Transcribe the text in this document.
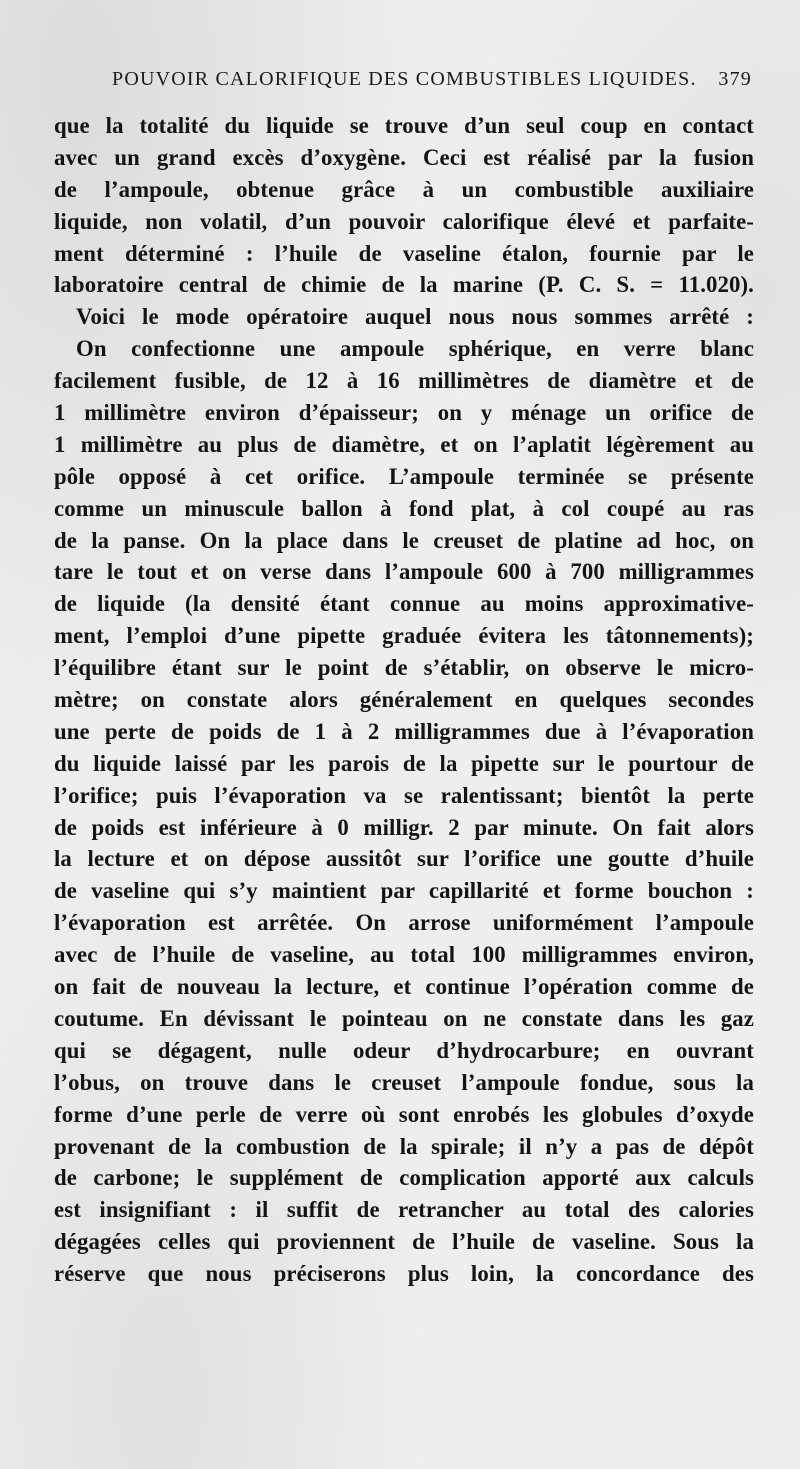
POUVOIR CALORIFIQUE DES COMBUSTIBLES LIQUIDES. 379
que la totalité du liquide se trouve d’un seul coup en contact
avec un grand excès d’oxygène. Ceci est réalisé par la fusion
de l’ampoule, obtenue grâce à un combustible auxiliaire
liquide, non volatil, d’un pouvoir calorifique élevé et parfaite-
ment déterminé : l’huile de vaseline étalon, fournie par le
laboratoire central de chimie de la marine (P. C. S. = 11.020).
Voici le mode opératoire auquel nous nous sommes arrêté :
On confectionne une ampoule sphérique, en verre blanc
facilement fusible, de 12 à 16 millimètres de diamètre et de
1 millimètre environ d’épaisseur; on y ménage un orifice de
1 millimètre au plus de diamètre, et on l’aplatit légèrement au
pôle opposé à cet orifice. L’ampoule terminée se présente
comme un minuscule ballon à fond plat, à col coupé au ras
de la panse. On la place dans le creuset de platine ad hoc, on
tare le tout et on verse dans l’ampoule 600 à 700 milligrammes
de liquide (la densité étant connue au moins approximative-
ment, l’emploi d’une pipette graduée évitera les tâtonnements);
l’équilibre étant sur le point de s’établir, on observe le micro-
mètre; on constate alors généralement en quelques secondes
une perte de poids de 1 à 2 milligrammes due à l’évaporation
du liquide laissé par les parois de la pipette sur le pourtour de
l’orifice; puis l’évaporation va se ralentissant; bientôt la perte
de poids est inférieure à 0 milligr. 2 par minute. On fait alors
la lecture et on dépose aussitôt sur l’orifice une goutte d’huile
de vaseline qui s’y maintient par capillarité et forme bouchon :
l’évaporation est arrêtée. On arrose uniformément l’ampoule
avec de l’huile de vaseline, au total 100 milligrammes environ,
on fait de nouveau la lecture, et continue l’opération comme de
coutume. En dévissant le pointeau on ne constate dans les gaz
qui se dégagent, nulle odeur d’hydrocarbure; en ouvrant
l’obus, on trouve dans le creuset l’ampoule fondue, sous la
forme d’une perle de verre où sont enrobés les globules d’oxyde
provenant de la combustion de la spirale; il n’y a pas de dépôt
de carbone; le supplément de complication apporté aux calculs
est insignifiant : il suffit de retrancher au total des calories
dégagées celles qui proviennent de l’huile de vaseline. Sous la
réserve que nous préciserons plus loin, la concordance des
